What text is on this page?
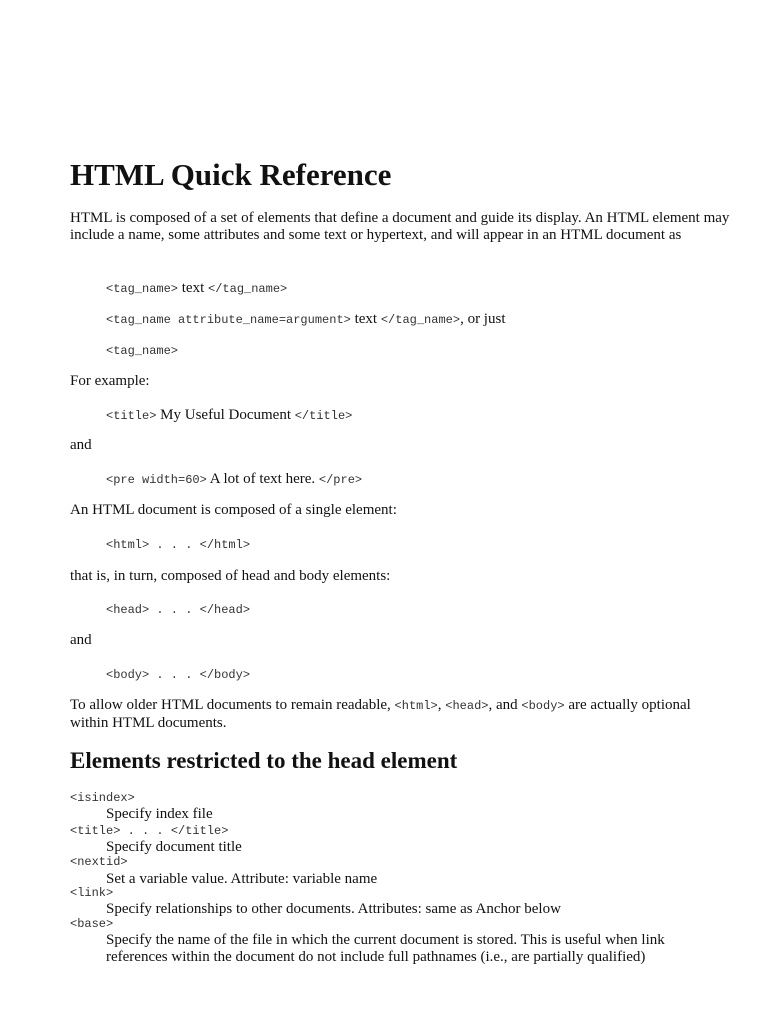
HTML Quick Reference

HTML is composed of a set of elements that define a document and guide its display. An HTML element may include a name, some attributes and some text or hypertext, and will appear in an HTML document as

<tag_name> text </tag_name>
<tag_name attribute_name=argument> text </tag_name>, or just
<tag_name>
For example:
<title> My Useful Document </title>
and
<pre width=60> A lot of text here. </pre>
An HTML document is composed of a single element:
<html> . . . </html>
that is, in turn, composed of head and body elements:
<head> . . . </head>
and
<body> . . . </body>

To allow older HTML documents to remain readable, <html>, <head>, and <body> are actually optional within HTML documents.

Elements restricted to the head element
<isindex>
Specify index file
<title> . . . </title>
Specify document title
<nextid>
Set a variable value. Attribute: variable name
<link>
Specify relationships to other documents. Attributes: same as Anchor below
<base>
Specify the name of the file in which the current document is stored. This is useful when link references within the document do not include full pathnames (i.e., are partially qualified)
